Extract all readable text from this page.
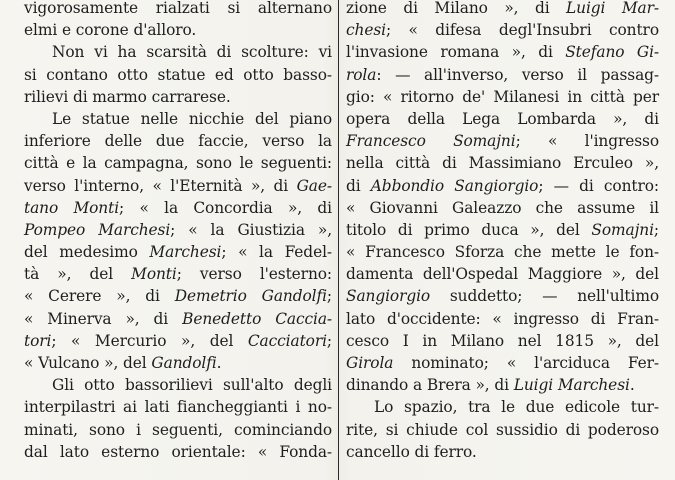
vigorosamente rialzati si alternano
elmi e corone d'alloro.
Non vi ha scarsità di scolture: vi
si contano otto statue ed otto basso-
rilievi di marmo carrarese.
Le statue nelle nicchie del piano
inferiore delle due faccie, verso la
città e la campagna, sono le seguenti:
verso l'interno, « l'Eternità », di Gae-
tano Monti; « la Concordia », di
Pompeo Marchesi; « la Giustizia »,
del medesimo Marchesi; « la Fedel-
tà », del Monti; verso l'esterno:
« Cerere », di Demetrio Gandolfi;
« Minerva », di Benedetto Caccia-
tori; « Mercurio », del Cacciatori;
« Vulcano », del Gandolfi.
Gli otto bassorilievi sull'alto degli
interpilastri ai lati fiancheggianti i no-
minati, sono i seguenti, cominciando
dal lato esterno orientale: « Fonda-
zione di Milano », di Luigi Mar-
chesi; « difesa degl'Insubri contro
l'invasione romana », di Stefano Gi-
rola: — all'inverso, verso il passag-
gio: « ritorno de' Milanesi in città per
opera della Lega Lombarda », di
Francesco Somajni; « l'ingresso
nella città di Massimiano Erculeo »,
di Abbondio Sangiorgio; — di contro:
« Giovanni Galeazzo che assume il
titolo di primo duca », del Somajni;
« Francesco Sforza che mette le fon-
damenta dell'Ospedal Maggiore », del
Sangiorgio suddetto; — nell'ultimo
lato d'occidente: « ingresso di Fran-
cesco I in Milano nel 1815 », del
Girola nominato; « l'arciduca Fer-
dinando a Brera », di Luigi Marchesi.
Lo spazio, tra le due edicole tur-
rite, si chiude col sussidio di poderoso
cancello di ferro.
